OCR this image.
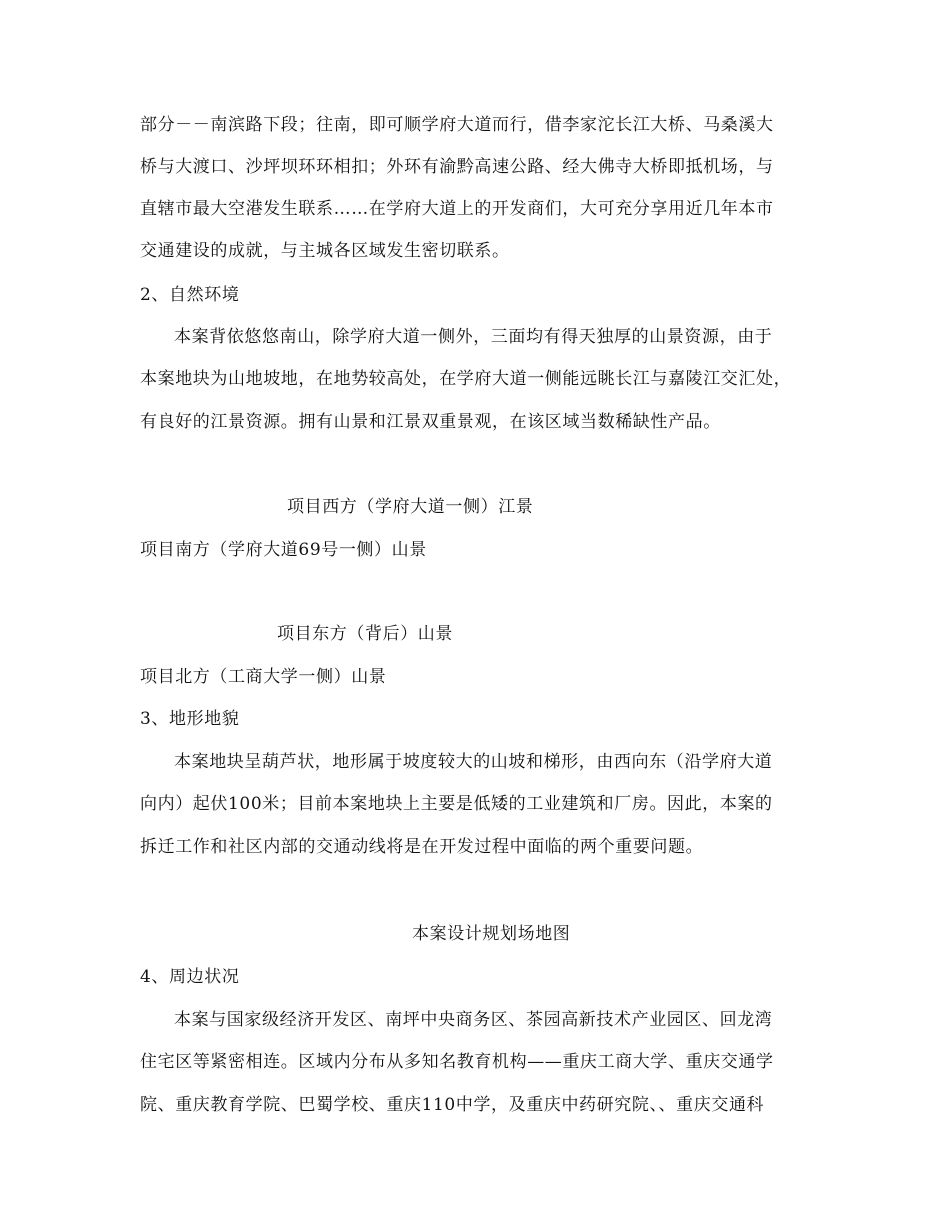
部分－－南滨路下段；往南，即可顺学府大道而行，借李家沱长江大桥、马桑溪大
桥与大渡口、沙坪坝环环相扣；外环有渝黔高速公路、经大佛寺大桥即抵机场，与
直辖市最大空港发生联系……在学府大道上的开发商们，大可充分享用近几年本市
交通建设的成就，与主城各区域发生密切联系。
2、自然环境
本案背依悠悠南山，除学府大道一侧外，三面均有得天独厚的山景资源，由于
本案地块为山地坡地，在地势较高处，在学府大道一侧能远眺长江与嘉陵江交汇处，
有良好的江景资源。拥有山景和江景双重景观，在该区域当数稀缺性产品。
项目西方（学府大道一侧）江景
项目南方（学府大道69号一侧）山景
项目东方（背后）山景
项目北方（工商大学一侧）山景
3、地形地貌
本案地块呈葫芦状，地形属于坡度较大的山坡和梯形，由西向东（沿学府大道
向内）起伏100米；目前本案地块上主要是低矮的工业建筑和厂房。因此，本案的
拆迁工作和社区内部的交通动线将是在开发过程中面临的两个重要问题。
本案设计规划场地图
4、周边状况
本案与国家级经济开发区、南坪中央商务区、茶园高新技术产业园区、回龙湾
住宅区等紧密相连。区域内分布从多知名教育机构——重庆工商大学、重庆交通学
院、重庆教育学院、巴蜀学校、重庆110中学，及重庆中药研究院、、重庆交通科
